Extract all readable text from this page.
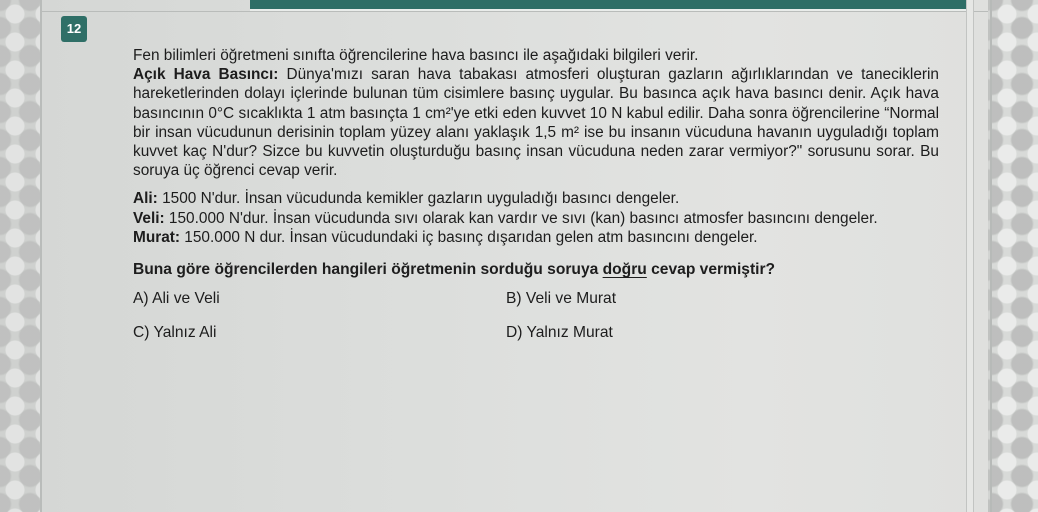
12

Fen bilimleri öğretmeni sınıfta öğrencilerine hava basıncı ile aşağıdaki bilgileri verir.
Açık Hava Basıncı: Dünya'mızı saran hava tabakası atmosferi oluşturan gazların ağırlıklarından ve taneciklerin hareketlerinden dolayı içlerinde bulunan tüm cisimlere basınç uygular. Bu basınca açık hava basıncı denir. Açık hava basıncının 0°C sıcaklıkta 1 atm basınçta 1 cm²'ye etki eden kuvvet 10 N kabul edilir. Daha sonra öğrencilerine “Normal bir insan vücudunun derisinin toplam yüzey alanı yaklaşık 1,5 m² ise bu insanın vücuduna havanın uyguladığı toplam kuvvet kaç N'dur? Sizce bu kuvvetin oluşturduğu basınç insan vücuduna neden zarar vermiyor?" sorusunu sorar. Bu soruya üç öğrenci cevap verir.

Ali: 1500 N'dur. İnsan vücudunda kemikler gazların uyguladığı basıncı dengeler.

Veli: 150.000 N'dur. İnsan vücudunda sıvı olarak kan vardır ve sıvı (kan) basıncı atmosfer basıncını dengeler.

Murat: 150.000 N dur. İnsan vücudundaki iç basınç dışarıdan gelen atm basıncını dengeler.

Buna göre öğrencilerden hangileri öğretmenin sorduğu soruya doğru cevap vermiştir?

A) Ali ve Veli	B) Veli ve Murat
C) Yalnız Ali	D) Yalnız Murat
